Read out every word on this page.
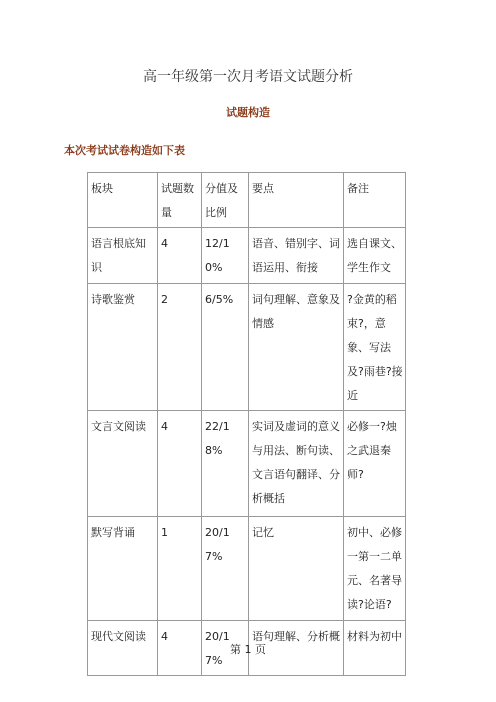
高一年级第一次月考语文试题分析
试题构造
本次考试试卷构造如下表
板块	试题数量	分值及比例	要点	备注
语言根底知识	4	12/10%	语音、错别字、词语运用、衔接	选自课文、学生作文
诗歌鉴赏	2	6/5%	词句理解、意象及情感	?金黄的稻束?，意象、写法及?雨巷?接近
文言文阅读	4	22/18%	实词及虚词的意义与用法、断句读、文言语句翻译、分析概括	必修一?烛之武退秦师?
默写背诵	1	20/17%	记忆	初中、必修一第一二单元、名著导读?论语?
现代文阅读	4	20/17%	语句理解、分析概	材料为初中
第 1 页
